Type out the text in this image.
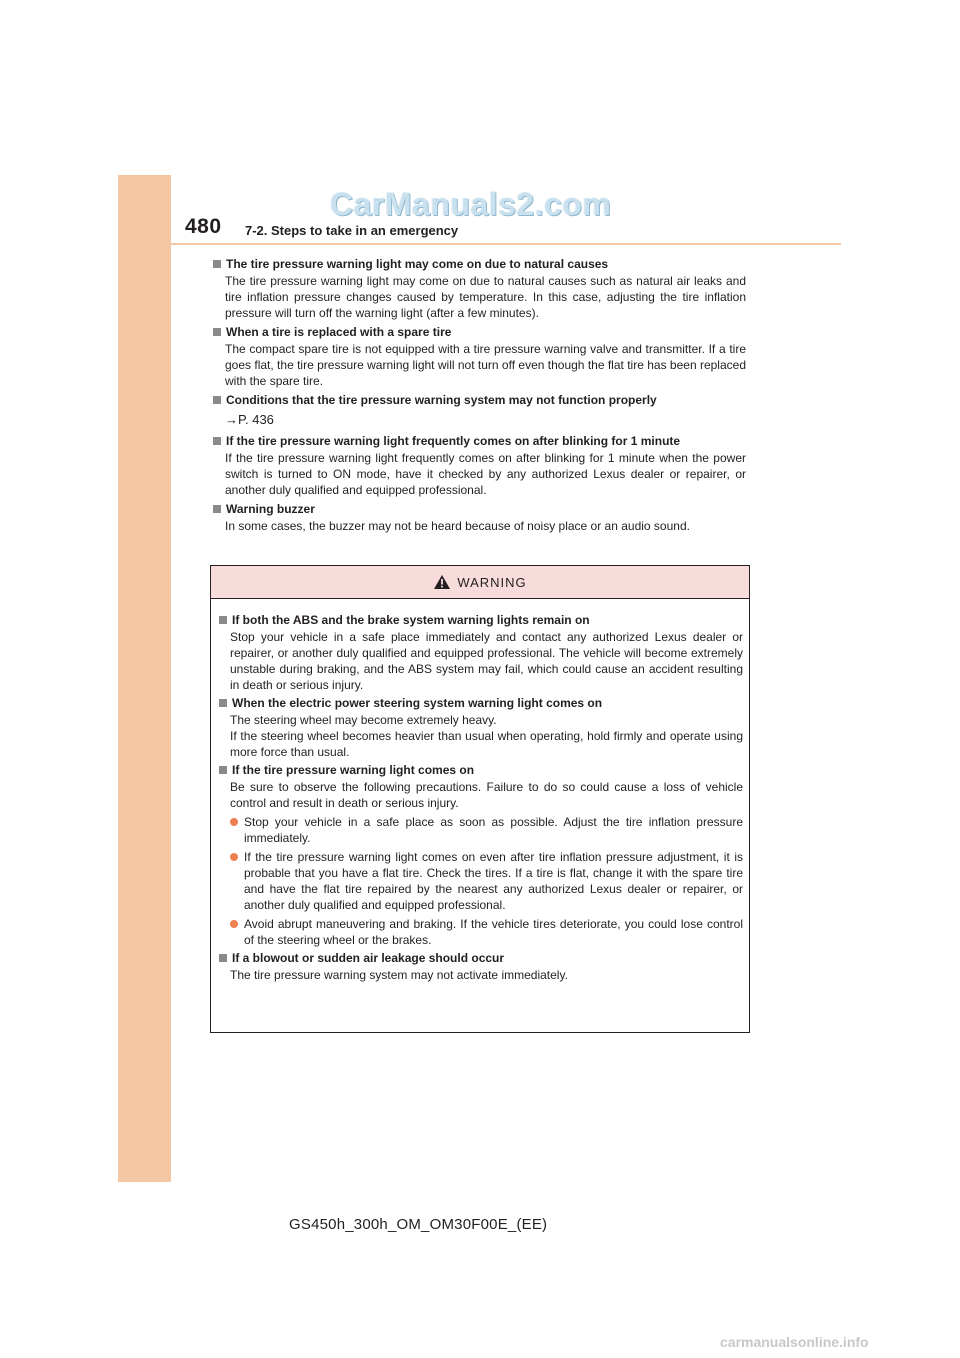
480 7-2. Steps to take in an emergency
CarManuals2.com
The tire pressure warning light may come on due to natural causes
The tire pressure warning light may come on due to natural causes such as natural air leaks and tire inflation pressure changes caused by temperature. In this case, adjusting the tire inflation pressure will turn off the warning light (after a few minutes).
When a tire is replaced with a spare tire
The compact spare tire is not equipped with a tire pressure warning valve and transmitter. If a tire goes flat, the tire pressure warning light will not turn off even though the flat tire has been replaced with the spare tire.
Conditions that the tire pressure warning system may not function properly
→P. 436
If the tire pressure warning light frequently comes on after blinking for 1 minute
If the tire pressure warning light frequently comes on after blinking for 1 minute when the power switch is turned to ON mode, have it checked by any authorized Lexus dealer or repairer, or another duly qualified and equipped professional.
Warning buzzer
In some cases, the buzzer may not be heard because of noisy place or an audio sound.
WARNING
If both the ABS and the brake system warning lights remain on
Stop your vehicle in a safe place immediately and contact any authorized Lexus dealer or repairer, or another duly qualified and equipped professional. The vehicle will become extremely unstable during braking, and the ABS system may fail, which could cause an accident resulting in death or serious injury.
When the electric power steering system warning light comes on
The steering wheel may become extremely heavy.
If the steering wheel becomes heavier than usual when operating, hold firmly and operate using more force than usual.
If the tire pressure warning light comes on
Be sure to observe the following precautions. Failure to do so could cause a loss of vehicle control and result in death or serious injury.
Stop your vehicle in a safe place as soon as possible. Adjust the tire inflation pressure immediately.
If the tire pressure warning light comes on even after tire inflation pressure adjustment, it is probable that you have a flat tire. Check the tires. If a tire is flat, change it with the spare tire and have the flat tire repaired by the nearest any authorized Lexus dealer or repairer, or another duly qualified and equipped professional.
Avoid abrupt maneuvering and braking. If the vehicle tires deteriorate, you could lose control of the steering wheel or the brakes.
If a blowout or sudden air leakage should occur
The tire pressure warning system may not activate immediately.
GS450h_300h_OM_OM30F00E_(EE)
carmanualsonline.info
